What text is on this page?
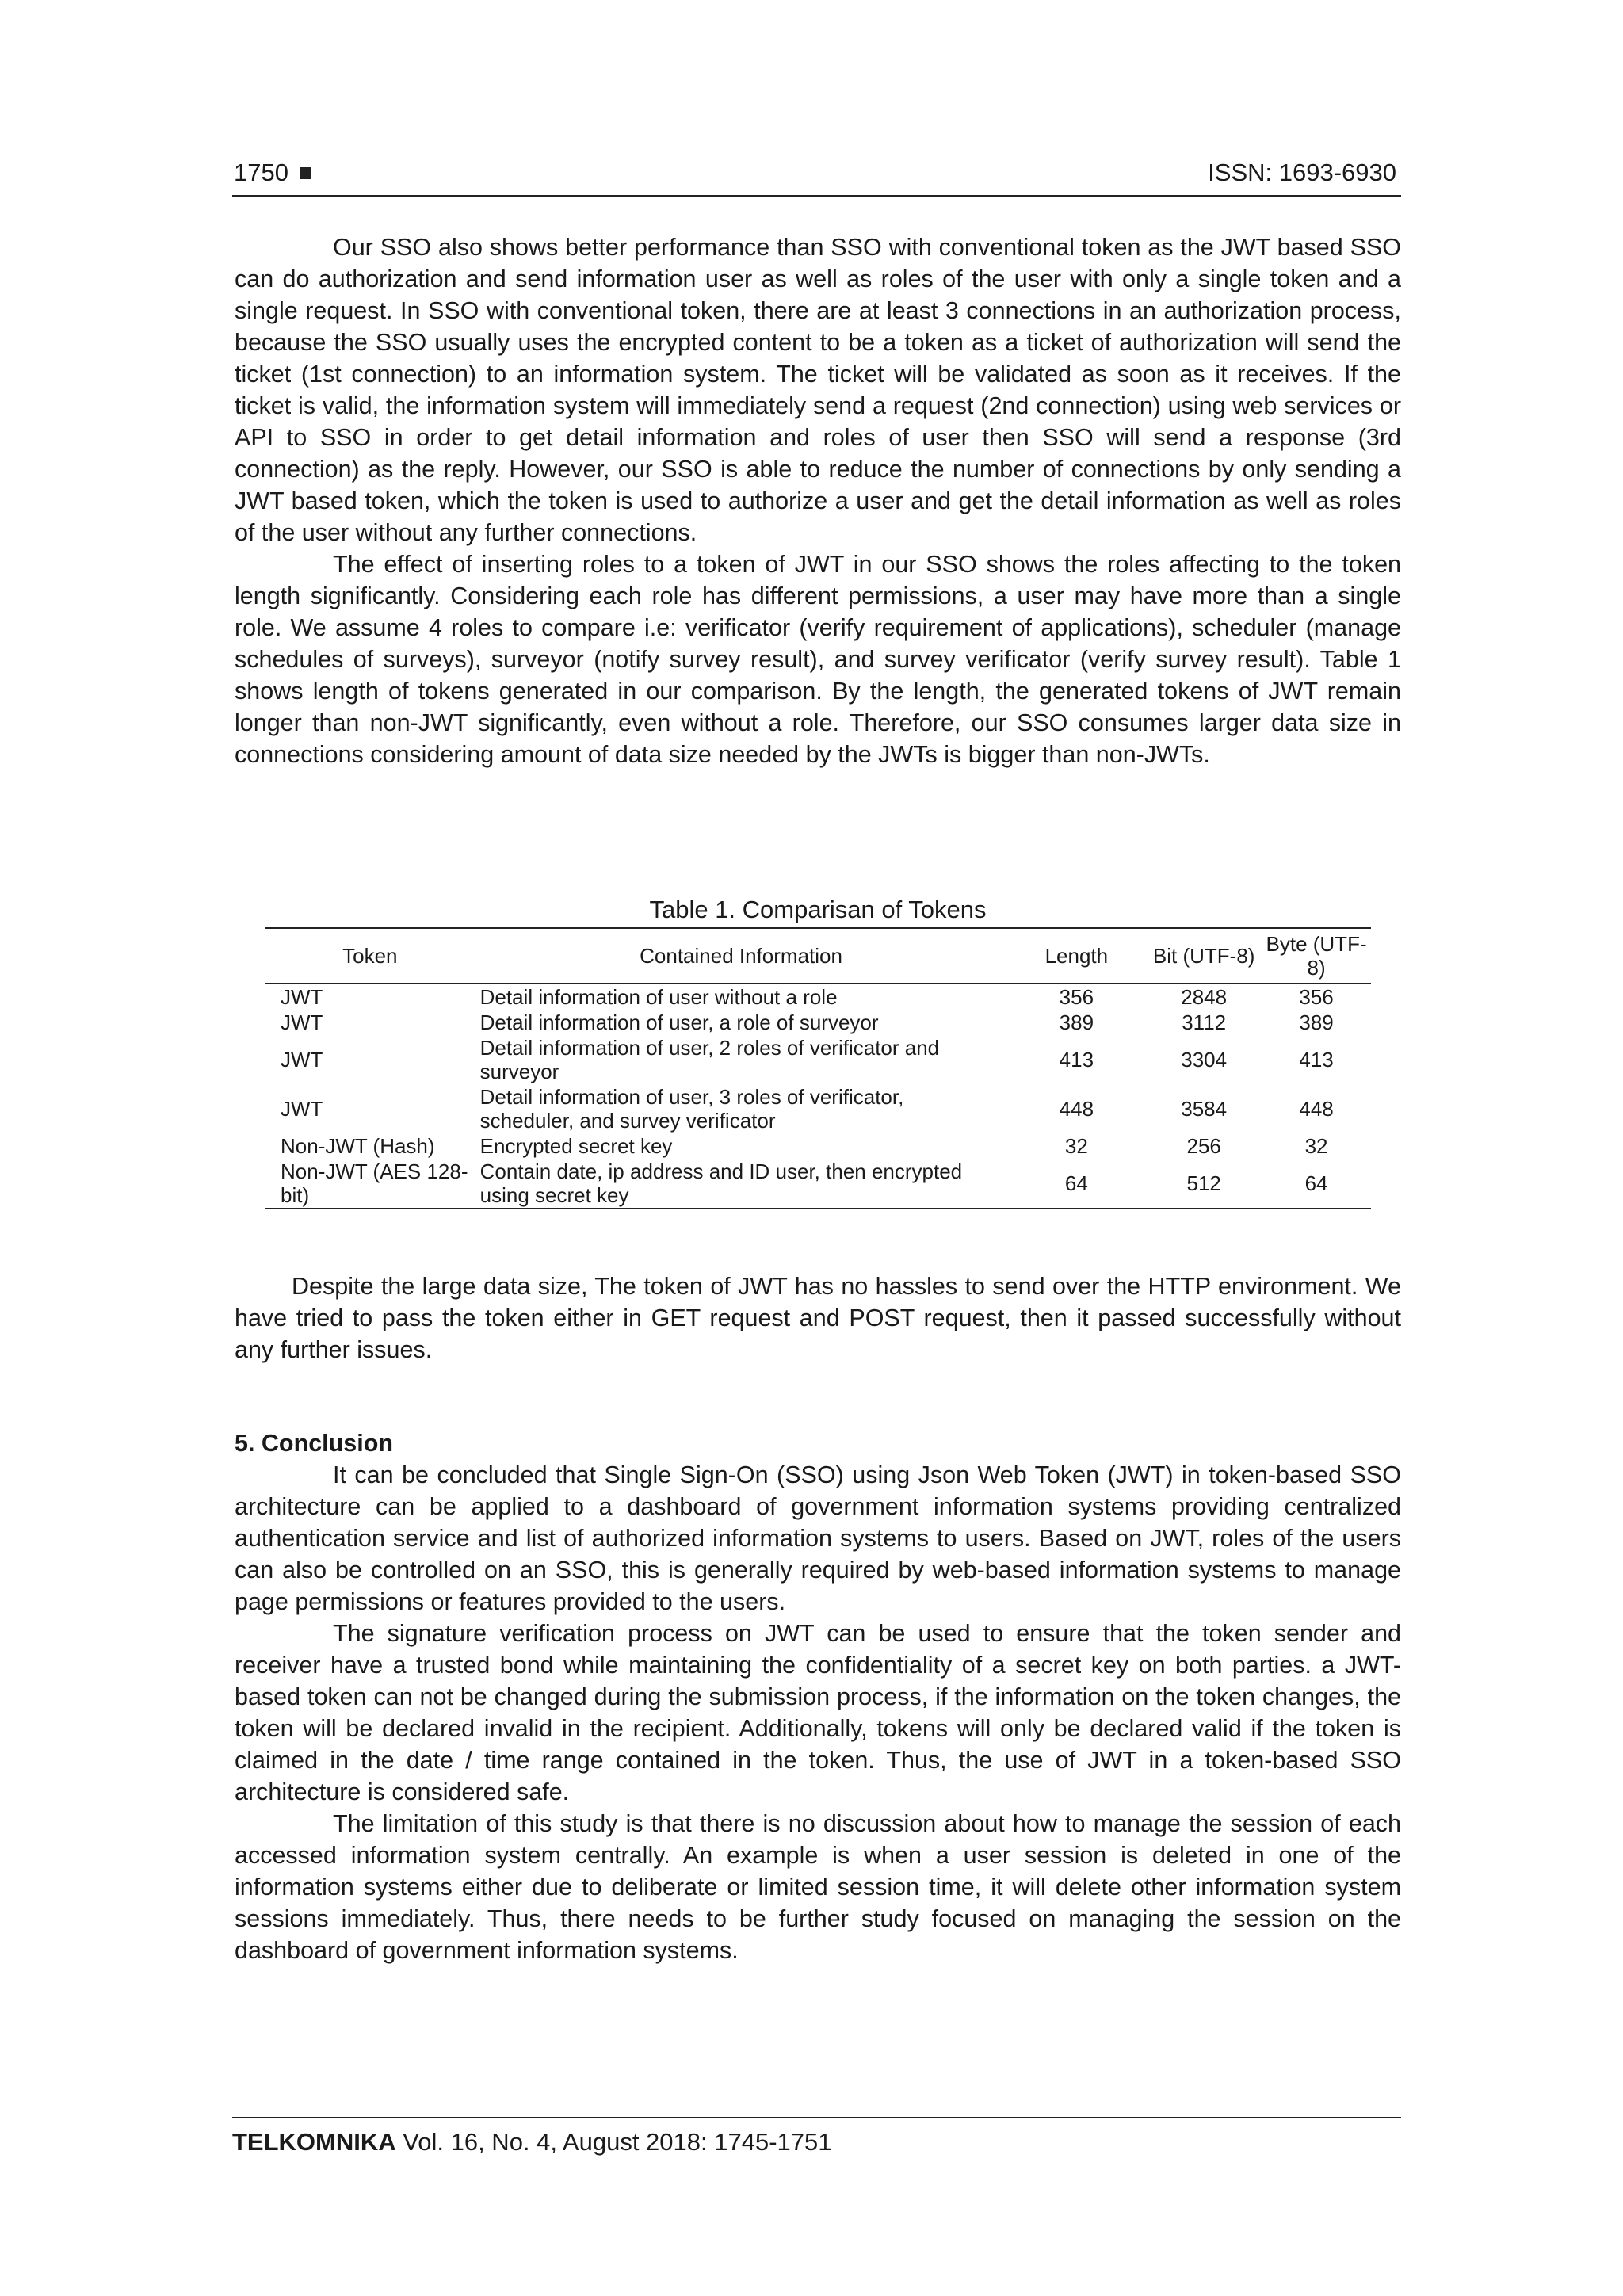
1750	ISSN: 1693-6930

Our SSO also shows better performance than SSO with conventional token as the JWT based SSO can do authorization and send information user as well as roles of the user with only a single token and a single request. In SSO with conventional token, there are at least 3 connections in an authorization process, because the SSO usually uses the encrypted content to be a token as a ticket of authorization will send the ticket (1st connection) to an information system. The ticket will be validated as soon as it receives. If the ticket is valid, the information system will immediately send a request (2nd connection) using web services or API to SSO in order to get detail information and roles of user then SSO will send a response (3rd connection) as the reply. However, our SSO is able to reduce the number of connections by only sending a JWT based token, which the token is used to authorize a user and get the detail information as well as roles of the user without any further connections.

The effect of inserting roles to a token of JWT in our SSO shows the roles affecting to the token length significantly. Considering each role has different permissions, a user may have more than a single role. We assume 4 roles to compare i.e: verificator (verify requirement of applications), scheduler (manage schedules of surveys), surveyor (notify survey result), and survey verificator (verify survey result). Table 1 shows length of tokens generated in our comparison. By the length, the generated tokens of JWT remain longer than non-JWT significantly, even without a role. Therefore, our SSO consumes larger data size in connections considering amount of data size needed by the JWTs is bigger than non-JWTs.

Table 1. Comparisan of Tokens
Token	Contained Information	Length	Bit (UTF-8)	Byte (UTF-8)
JWT	Detail information of user without a role	356	2848	356
JWT	Detail information of user, a role of surveyor	389	3112	389
JWT	Detail information of user, 2 roles of verificator and surveyor	413	3304	413
JWT	Detail information of user, 3 roles of verificator, scheduler, and survey verificator	448	3584	448
Non-JWT (Hash)	Encrypted secret key	32	256	32
Non-JWT (AES 128-bit)	Contain date, ip address and ID user, then encrypted using secret key	64	512	64

Despite the large data size, The token of JWT has no hassles to send over the HTTP environment. We have tried to pass the token either in GET request and POST request, then it passed successfully without any further issues.

5. Conclusion

It can be concluded that Single Sign-On (SSO) using Json Web Token (JWT) in token-based SSO architecture can be applied to a dashboard of government information systems providing centralized authentication service and list of authorized information systems to users. Based on JWT, roles of the users can also be controlled on an SSO, this is generally required by web-based information systems to manage page permissions or features provided to the users.

The signature verification process on JWT can be used to ensure that the token sender and receiver have a trusted bond while maintaining the confidentiality of a secret key on both parties. a JWT-based token can not be changed during the submission process, if the information on the token changes, the token will be declared invalid in the recipient. Additionally, tokens will only be declared valid if the token is claimed in the date / time range contained in the token. Thus, the use of JWT in a token-based SSO architecture is considered safe.

The limitation of this study is that there is no discussion about how to manage the session of each accessed information system centrally. An example is when a user session is deleted in one of the information systems either due to deliberate or limited session time, it will delete other information system sessions immediately. Thus, there needs to be further study focused on managing the session on the dashboard of government information systems.

TELKOMNIKA Vol. 16, No. 4, August 2018: 1745-1751
